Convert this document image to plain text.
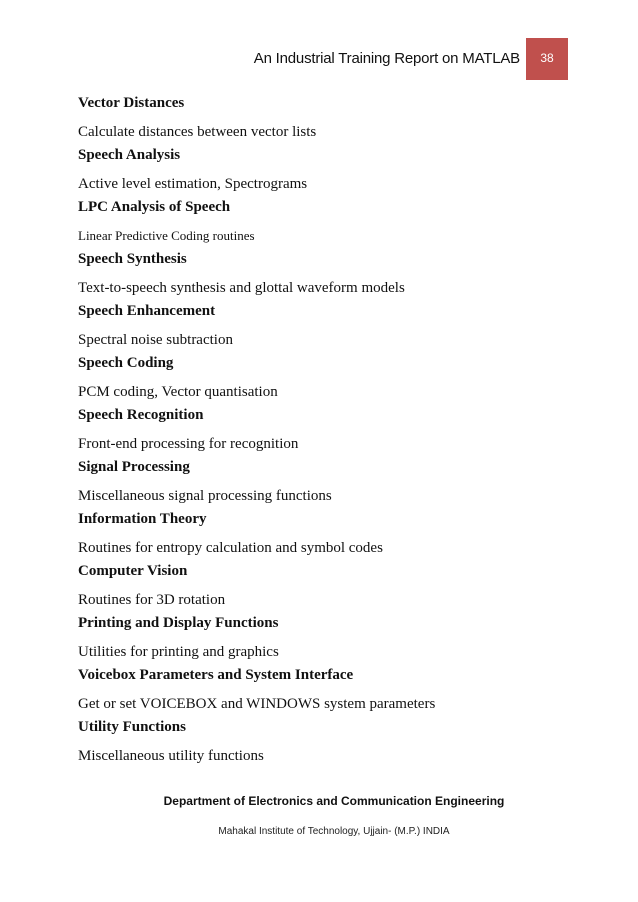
An Industrial Training Report on MATLAB 38
Vector Distances
Calculate distances between vector lists
Speech Analysis
Active level estimation, Spectrograms
LPC Analysis of Speech
Linear Predictive Coding routines
Speech Synthesis
Text-to-speech synthesis and glottal waveform models
Speech Enhancement
Spectral noise subtraction
Speech Coding
PCM coding, Vector quantisation
Speech Recognition
Front-end processing for recognition
Signal Processing
Miscellaneous signal processing functions
Information Theory
Routines for entropy calculation and symbol codes
Computer Vision
Routines for 3D rotation
Printing and Display Functions
Utilities for printing and graphics
Voicebox Parameters and System Interface
Get or set VOICEBOX and WINDOWS system parameters
Utility Functions
Miscellaneous utility functions
Department of Electronics and Communication Engineering
Mahakal Institute of Technology, Ujjain- (M.P.) INDIA
